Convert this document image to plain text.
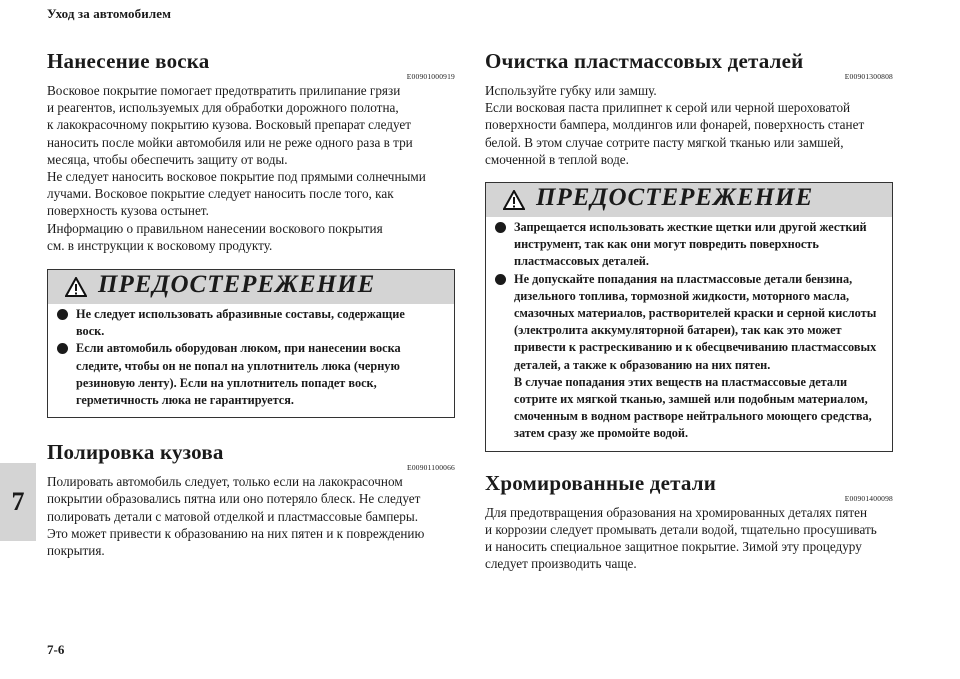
Уход за автомобилем
7
7-6
Нанесение воска
E00901000919

Восковое покрытие помогает предотвратить прилипание грязи
и реагентов, используемых для обработки дорожного полотна,
к лакокрасочному покрытию кузова. Восковый препарат следует
наносить после мойки автомобиля или не реже одного раза в три
месяца, чтобы обеспечить защиту от воды.
Не следует наносить восковое покрытие под прямыми солнечными
лучами. Восковое покрытие следует наносить после того, как
поверхность кузова остынет.
Информацию о правильном нанесении воскового покрытия
см. в инструкции к восковому продукту.

ПРЕДОСТЕРЕЖЕНИЕ
Не следует использовать абразивные составы, содержащие
воск.
Если автомобиль оборудован люком, при нанесении воска
следите, чтобы он не попал на уплотнитель люка (черную
резиновую ленту). Если на уплотнитель попадет воск,
герметичность люка не гарантируется.
Полировка кузова
E00901100066

Полировать автомобиль следует, только если на лакокрасочном
покрытии образовались пятна или оно потеряло блеск. Не следует
полировать детали с матовой отделкой и пластмассовые бамперы.
Это может привести к образованию на них пятен и к повреждению
покрытия.

Очистка пластмассовых деталей
E00901300808

Используйте губку или замшу.
Если восковая паста прилипнет к серой или черной шероховатой
поверхности бампера, молдингов или фонарей, поверхность станет
белой. В этом случае сотрите пасту мягкой тканью или замшей,
смоченной в теплой воде.

ПРЕДОСТЕРЕЖЕНИЕ
Запрещается использовать жесткие щетки или другой жесткий
инструмент, так как они могут повредить поверхность
пластмассовых деталей.
Не допускайте попадания на пластмассовые детали бензина,
дизельного топлива, тормозной жидкости, моторного масла,
смазочных материалов, растворителей краски и серной кислоты
(электролита аккумуляторной батареи), так как это может
привести к растрескиванию и к обесцвечиванию пластмассовых
деталей, а также к образованию на них пятен.
В случае попадания этих веществ на пластмассовые детали
сотрите их мягкой тканью, замшей или подобным материалом,
смоченным в водном растворе нейтрального моющего средства,
затем сразу же промойте водой.
Хромированные детали
E00901400098

Для предотвращения образования на хромированных деталях пятен
и коррозии следует промывать детали водой, тщательно просушивать
и наносить специальное защитное покрытие. Зимой эту процедуру
следует производить чаще.
